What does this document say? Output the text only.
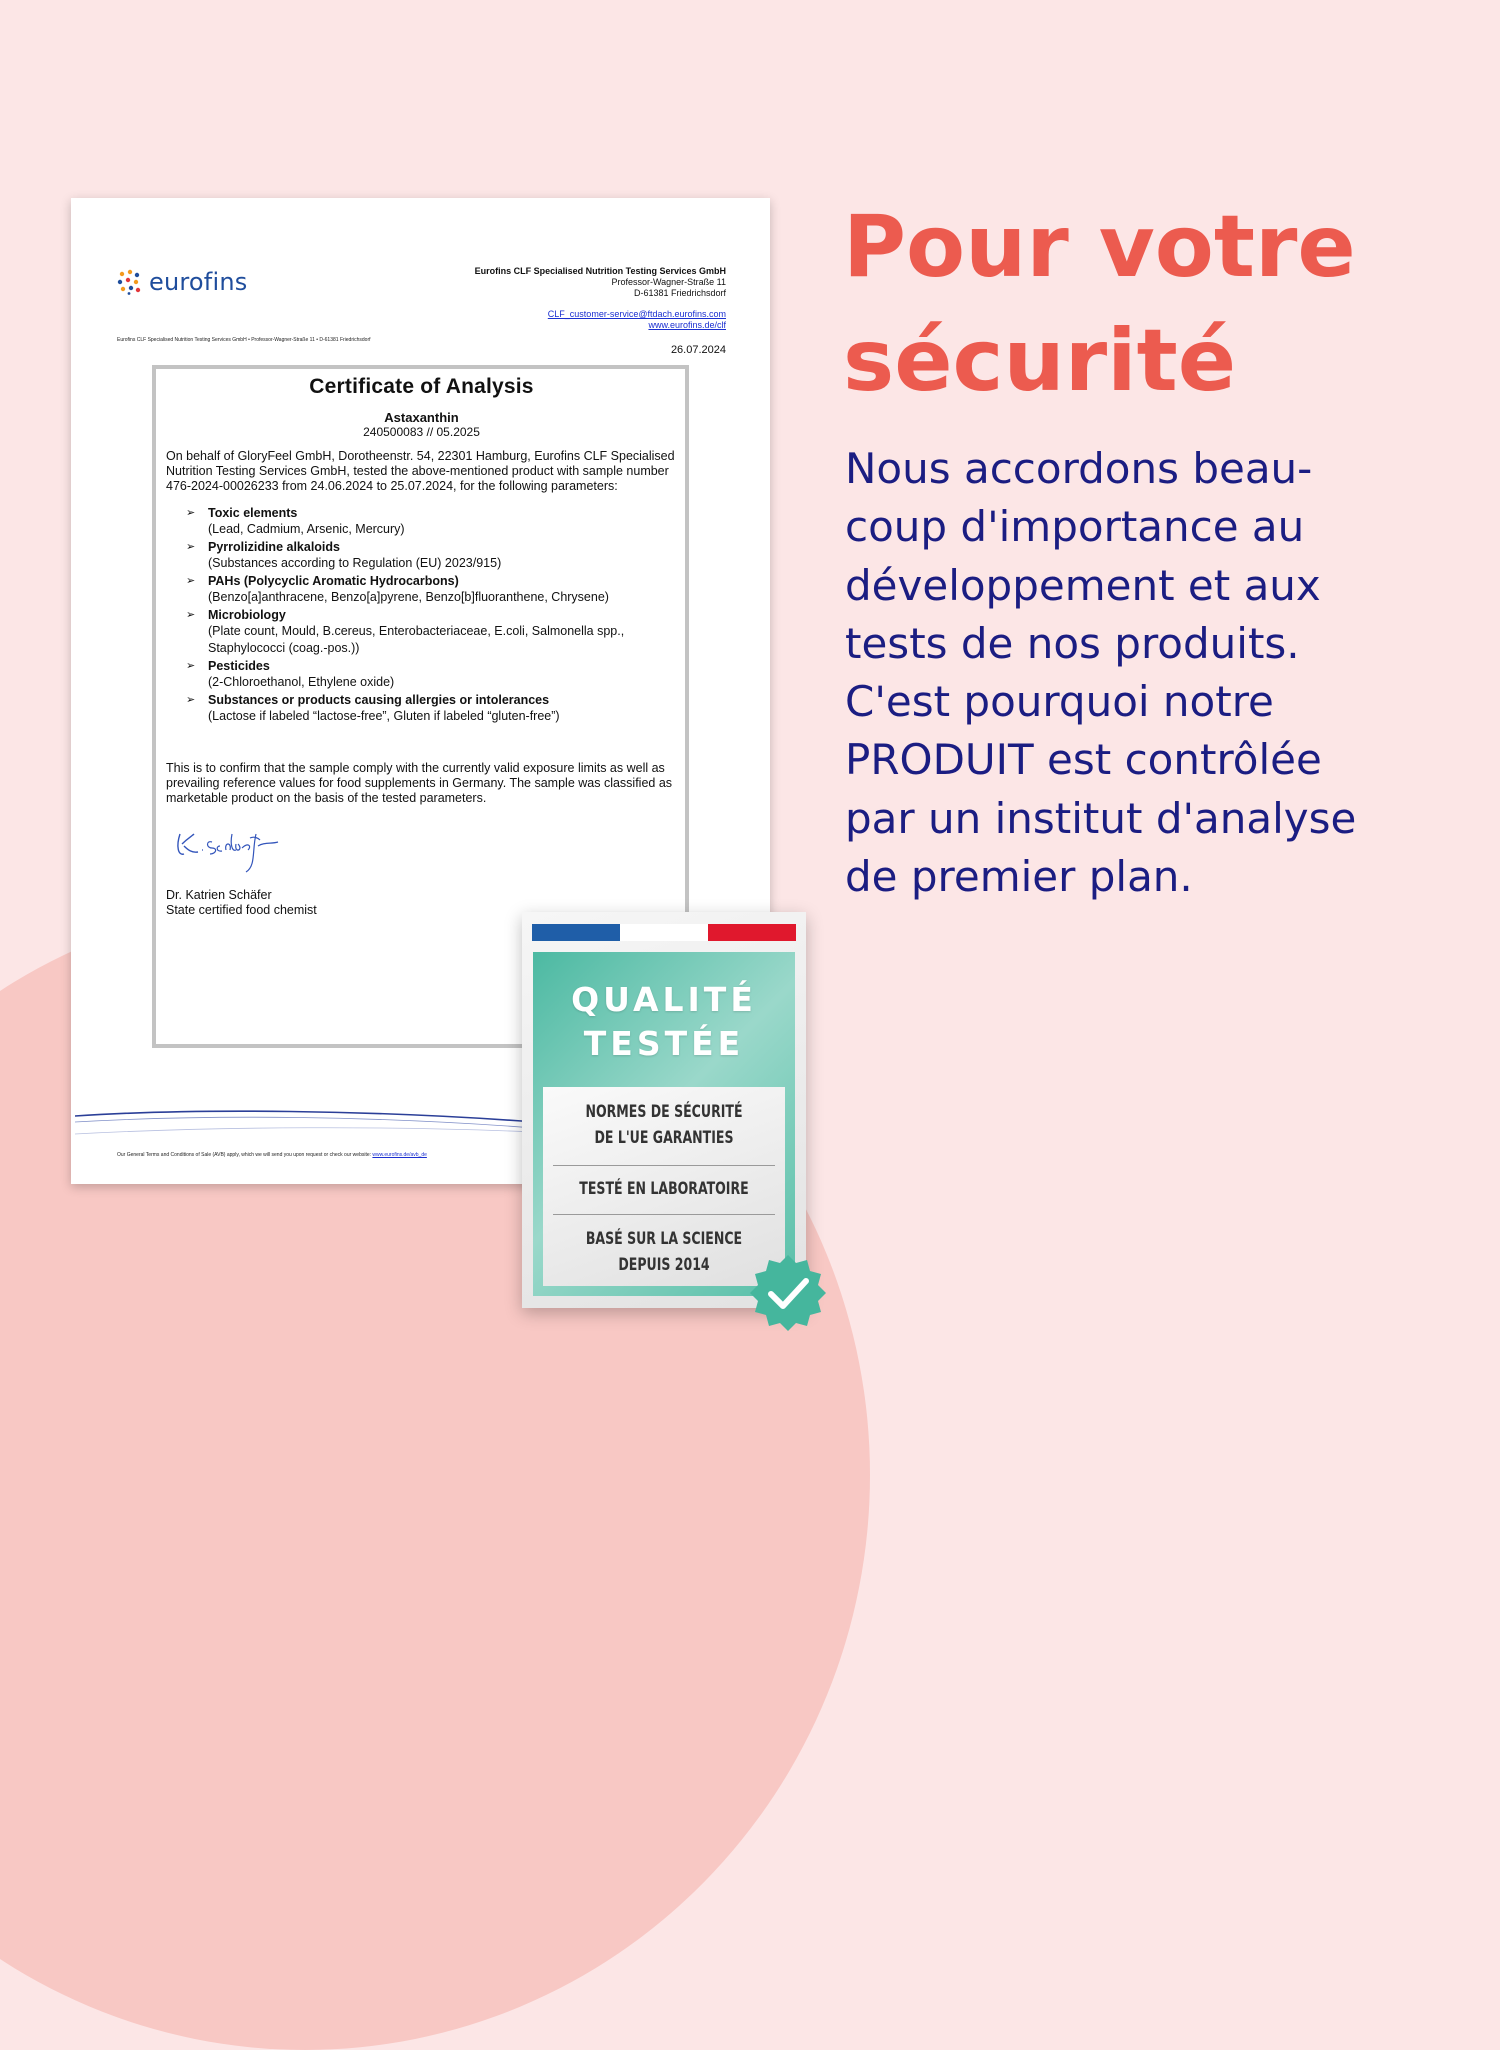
eurofins	Eurofins CLF Specialised Nutrition Testing Services GmbH
Professor-Wagner-Straße 11
D-61381 Friedrichsdorf
CLF_customer-service@ftdach.eurofins.com
www.eurofins.de/clf
Eurofins CLF Specialised Nutrition Testing Services GmbH • Professor-Wagner-Straße 11 • D-61381 Friedrichsdorf
26.07.2024
Certificate of Analysis
Astaxanthin
240500083 // 05.2025
On behalf of GloryFeel GmbH, Dorotheenstr. 54, 22301 Hamburg, Eurofins CLF Specialised Nutrition Testing Services GmbH, tested the above-mentioned product with sample number 476-2024-00026233 from 24.06.2024 to 25.07.2024, for the following parameters:
➢	Toxic elements
(Lead, Cadmium, Arsenic, Mercury)
➢	Pyrrolizidine alkaloids
(Substances according to Regulation (EU) 2023/915)
➢	PAHs (Polycyclic Aromatic Hydrocarbons)
(Benzo[a]anthracene, Benzo[a]pyrene, Benzo[b]fluoranthene, Chrysene)
➢	Microbiology
(Plate count, Mould, B.cereus, Enterobacteriaceae, E.coli, Salmonella spp., Staphylococci (coag.-pos.))
➢	Pesticides
(2-Chloroethanol, Ethylene oxide)
➢	Substances or products causing allergies or intolerances
(Lactose if labeled “lactose-free”, Gluten if labeled “gluten-free”)
This is to confirm that the sample comply with the currently valid exposure limits as well as prevailing reference values for food supplements in Germany. The sample was classified as marketable product on the basis of the tested parameters.
Dr. Katrien Schäfer
State certified food chemist
Our General Terms and Conditions of Sale (AVB) apply, which we will send you upon request or check our website: www.eurofins.de/avb_de
QUALITÉ
TESTÉE
NORMES DE SÉCURITÉ
DE L'UE GARANTIES
TESTÉ EN LABORATOIRE
BASÉ SUR LA SCIENCE
DEPUIS 2014
Pour votre
sécurité

Nous accordons beau-
coup d'importance au
développement et aux
tests de nos produits.
C'est pourquoi notre
PRODUIT est contrôlée
par un institut d'analyse
de premier plan.
